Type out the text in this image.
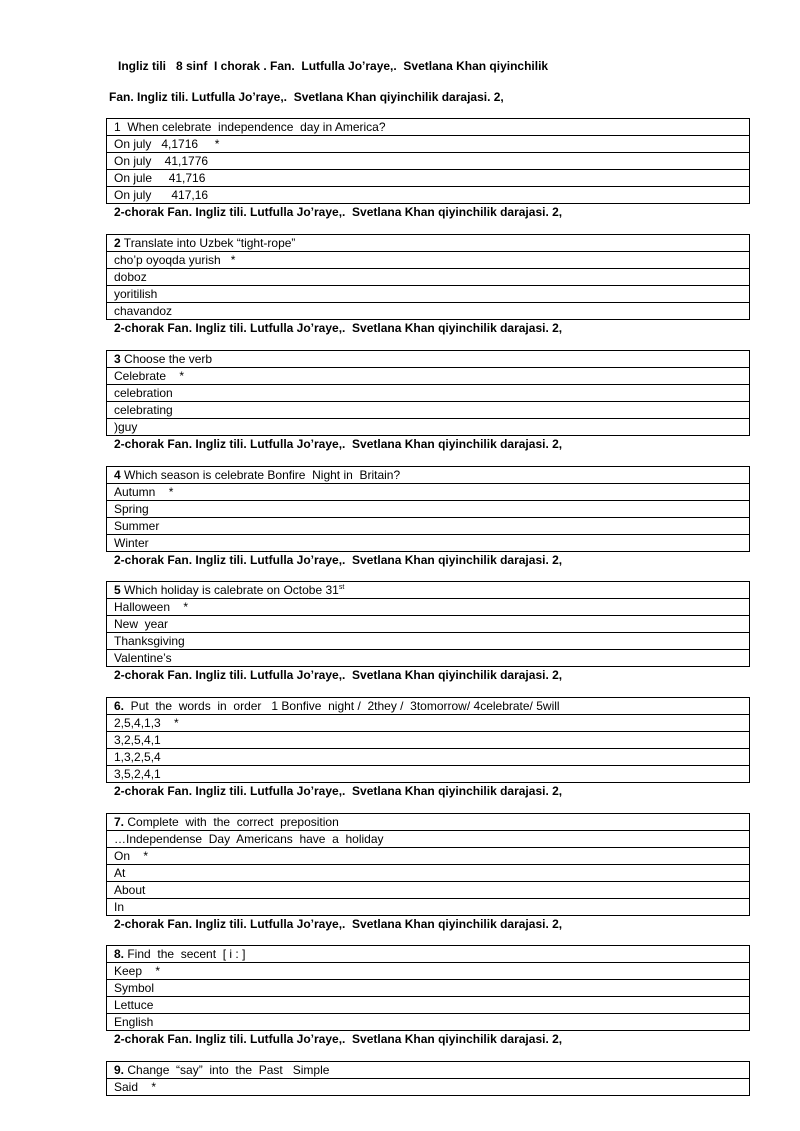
Ingliz tili   8 sinf  I chorak . Fan.  Lutfulla Jo’raye,.  Svetlana Khan qiyinchilik
Fan. Ingliz tili. Lutfulla Jo’raye,.  Svetlana Khan qiyinchilik darajasi. 2,
1  When celebrate  independence  day in America?
On july   4,1716     *
On july    41,1776
On jule     41,716
On july      417,16
2-chorak Fan. Ingliz tili. Lutfulla Jo’raye,.  Svetlana Khan qiyinchilik darajasi. 2,
2 Translate into Uzbek “tight-rope”
cho’p oyoqda yurish   *
doboz
yoritilish
chavandoz
2-chorak Fan. Ingliz tili. Lutfulla Jo’raye,.  Svetlana Khan qiyinchilik darajasi. 2,
3 Choose the verb
Celebrate    *
celebration
celebrating
)guy
2-chorak Fan. Ingliz tili. Lutfulla Jo’raye,.  Svetlana Khan qiyinchilik darajasi. 2,
4 Which season is celebrate Bonfire  Night in  Britain?
Autumn    *
Spring
Summer
Winter
2-chorak Fan. Ingliz tili. Lutfulla Jo’raye,.  Svetlana Khan qiyinchilik darajasi. 2,
5 Which holiday is calebrate on Octobe 31st
Halloween    *
New  year
Thanksgiving
Valentine’s
2-chorak Fan. Ingliz tili. Lutfulla Jo’raye,.  Svetlana Khan qiyinchilik darajasi. 2,
6.  Put  the  words  in  order   1 Bonfive  night /  2they /  3tomorrow/ 4celebrate/ 5will
2,5,4,1,3    *
3,2,5,4,1
1,3,2,5,4
3,5,2,4,1
2-chorak Fan. Ingliz tili. Lutfulla Jo’raye,.  Svetlana Khan qiyinchilik darajasi. 2,
7. Complete  with  the  correct  preposition
…Independense  Day  Americans  have  a  holiday
On    *
At
About
In
2-chorak Fan. Ingliz tili. Lutfulla Jo’raye,.  Svetlana Khan qiyinchilik darajasi. 2,
8. Find  the  secent  [ i : ]
Keep    *
Symbol
Lettuce
English
2-chorak Fan. Ingliz tili. Lutfulla Jo’raye,.  Svetlana Khan qiyinchilik darajasi. 2,
9. Change  “say”  into  the  Past   Simple
Said    *
